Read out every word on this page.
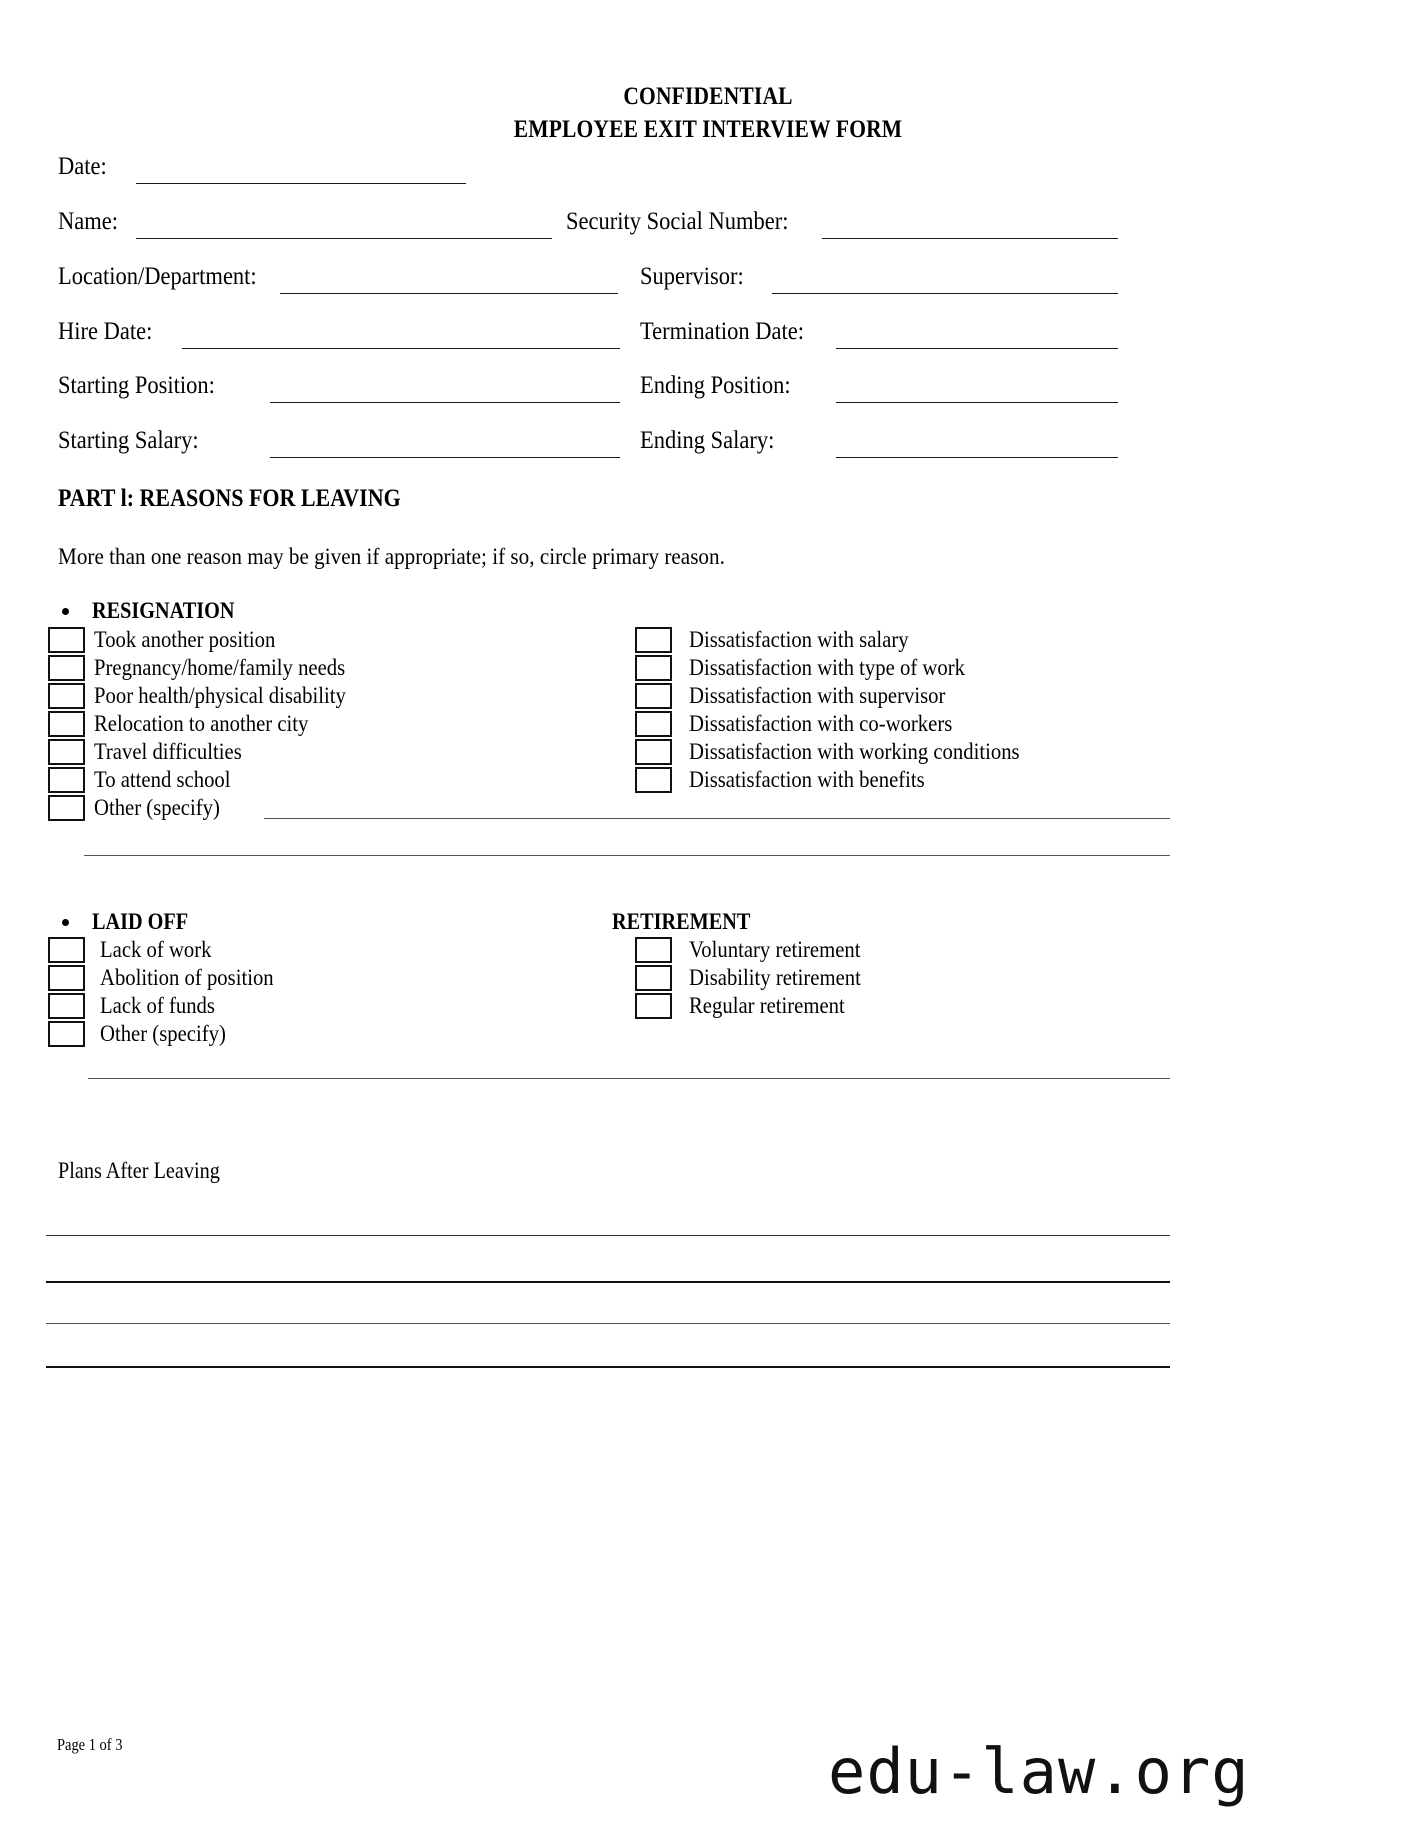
CONFIDENTIAL
EMPLOYEE EXIT INTERVIEW FORM
Date:
Name:	Security Social Number:
Location/Department:	Supervisor:
Hire Date:	Termination Date:
Starting Position:	Ending Position:
Starting Salary:	Ending Salary:
PART l: REASONS FOR LEAVING
More than one reason may be given if appropriate; if so, circle primary reason.
RESIGNATION
Took another position
Pregnancy/home/family needs
Poor health/physical disability
Relocation to another city
Travel difficulties
To attend school
Other (specify)
Dissatisfaction with salary
Dissatisfaction with type of work
Dissatisfaction with supervisor
Dissatisfaction with co-workers
Dissatisfaction with working conditions
Dissatisfaction with benefits
LAID OFF
Lack of work
Abolition of position
Lack of funds
Other (specify)
RETIREMENT
Voluntary retirement
Disability retirement
Regular retirement
Plans After Leaving
Page 1 of 3	edu-law.org
